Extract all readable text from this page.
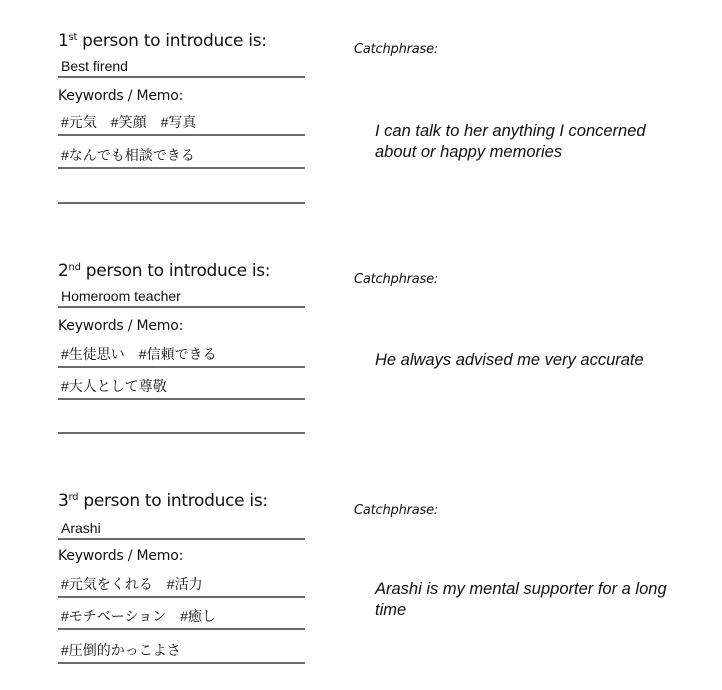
1st person to introduce is:
Best firend
Keywords / Memo:
#元気　#笑顔　#写真
#なんでも相談できる
Catchphrase:
I can talk to her anything I concerned about or happy memories
2nd person to introduce is:
Homeroom teacher
Keywords / Memo:
#生徒思い　#信頼できる
#大人として尊敬
Catchphrase:
He always advised me very accurate
3rd person to introduce is:
Arashi
Keywords / Memo:
#元気をくれる　#活力
#モチベーション　#癒し
#圧倒的かっこよさ
Catchphrase:
Arashi is my mental supporter for a long time
